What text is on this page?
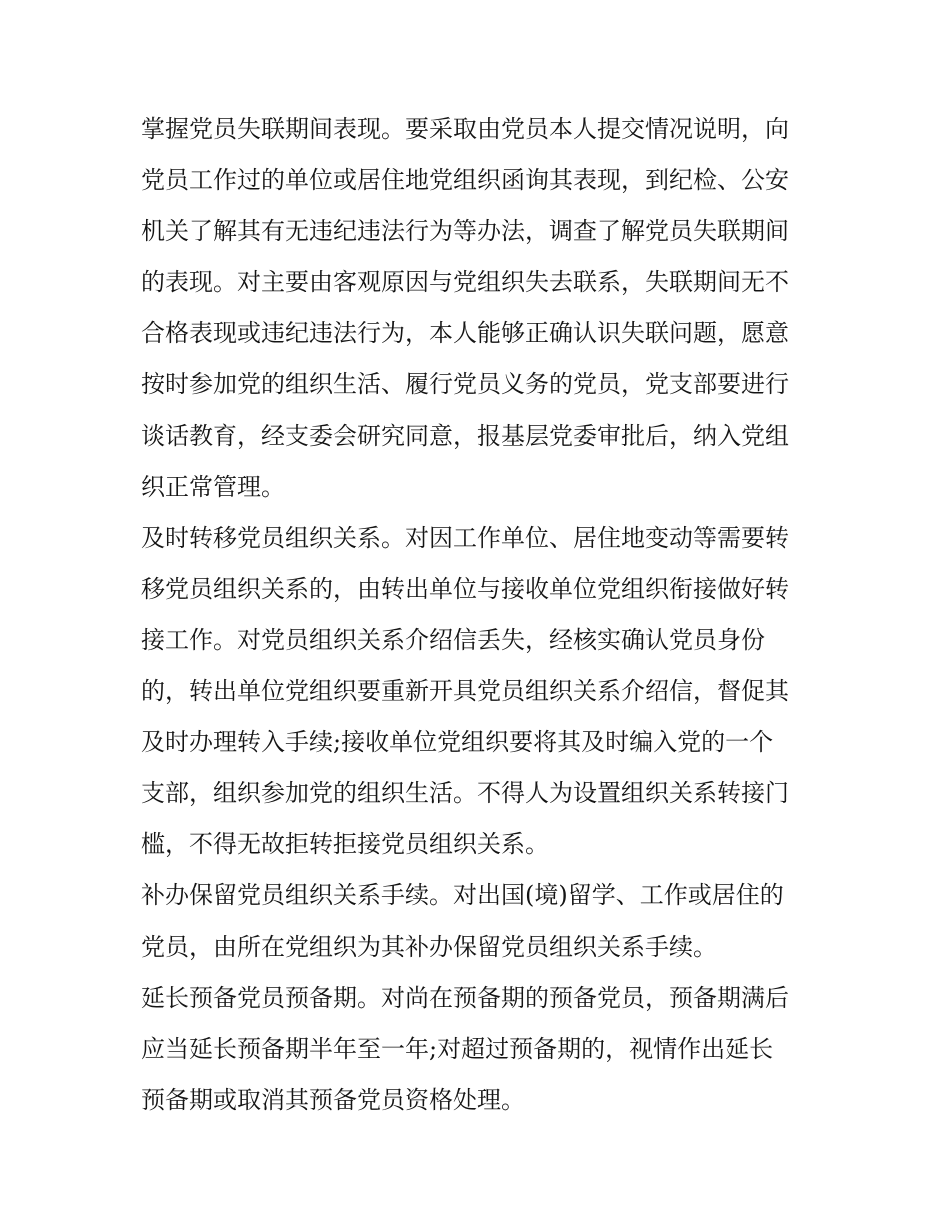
掌握党员失联期间表现。要采取由党员本人提交情况说明，向
党员工作过的单位或居住地党组织函询其表现，到纪检、公安
机关了解其有无违纪违法行为等办法，调查了解党员失联期间
的表现。对主要由客观原因与党组织失去联系，失联期间无不
合格表现或违纪违法行为，本人能够正确认识失联问题，愿意
按时参加党的组织生活、履行党员义务的党员，党支部要进行
谈话教育，经支委会研究同意，报基层党委审批后，纳入党组
织正常管理。
及时转移党员组织关系。对因工作单位、居住地变动等需要转
移党员组织关系的，由转出单位与接收单位党组织衔接做好转
接工作。对党员组织关系介绍信丢失，经核实确认党员身份
的，转出单位党组织要重新开具党员组织关系介绍信，督促其
及时办理转入手续;接收单位党组织要将其及时编入党的一个
支部，组织参加党的组织生活。不得人为设置组织关系转接门
槛，不得无故拒转拒接党员组织关系。
补办保留党员组织关系手续。对出国(境)留学、工作或居住的
党员，由所在党组织为其补办保留党员组织关系手续。
延长预备党员预备期。对尚在预备期的预备党员，预备期满后
应当延长预备期半年至一年;对超过预备期的，视情作出延长
预备期或取消其预备党员资格处理。
